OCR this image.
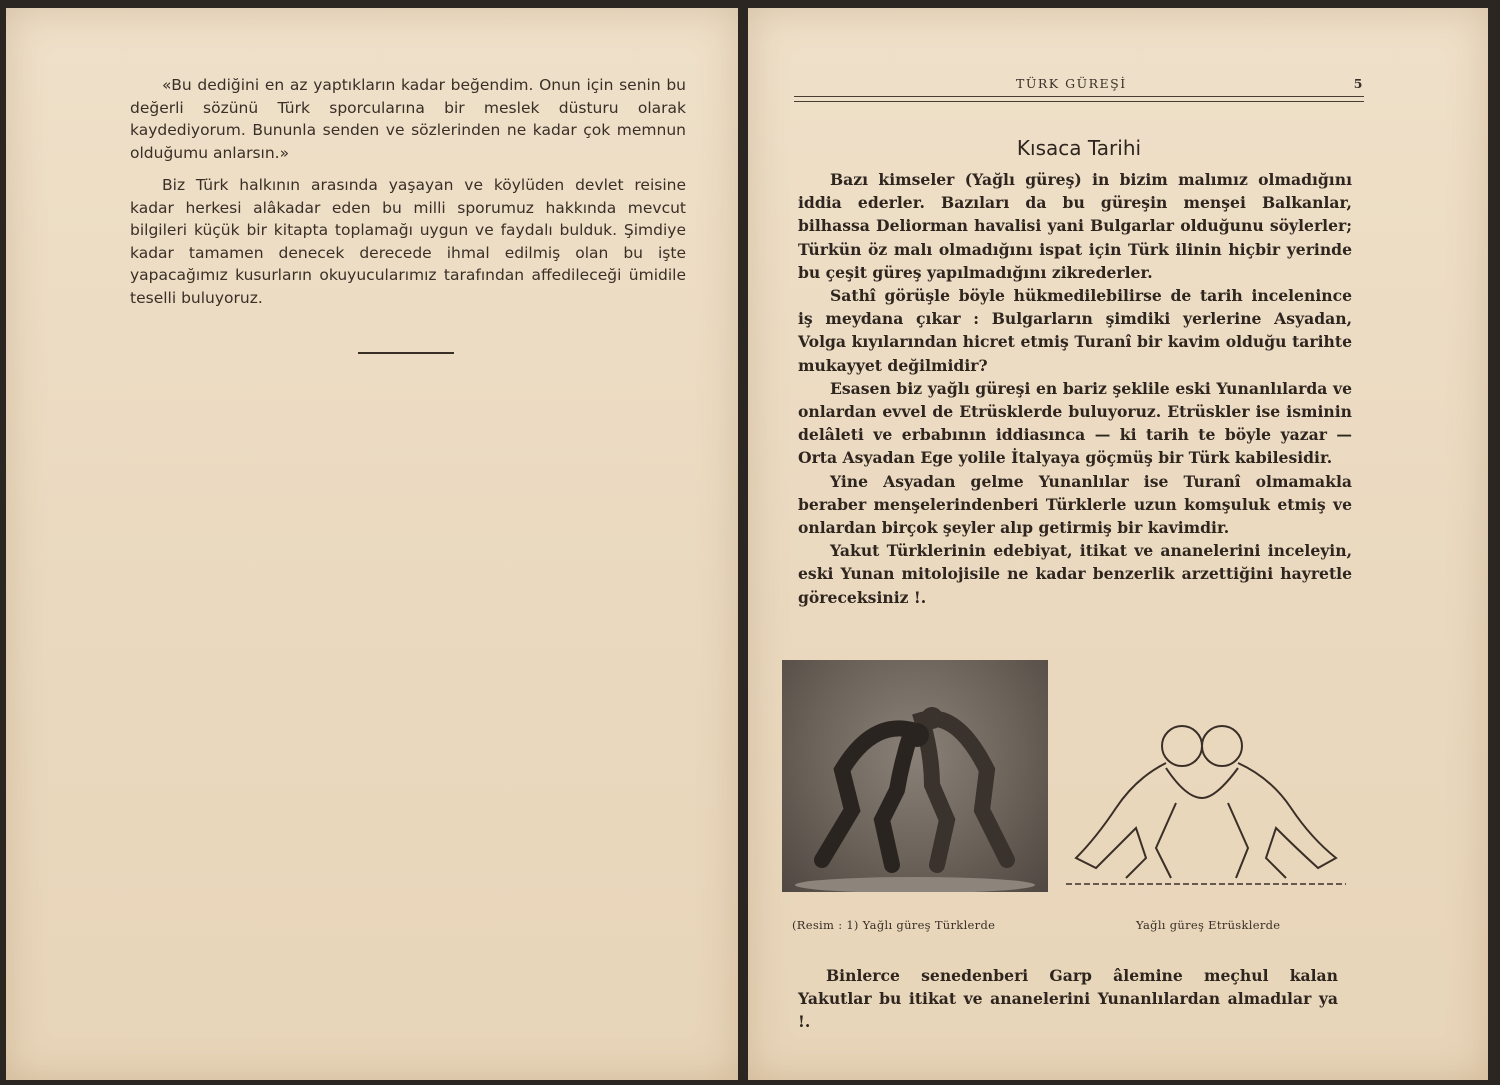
«Bu dediğini en az yaptıkların kadar beğendim. Onun için senin bu değerli sözünü Türk sporcularına bir meslek düsturu olarak kaydediyorum. Bununla senden ve sözlerinden ne kadar çok memnun olduğumu anlarsın.»

Biz Türk halkının arasında yaşayan ve köylüden devlet reisine kadar herkesi alâkadar eden bu milli sporumuz hakkında mevcut bilgileri küçük bir kitapta toplamağı uygun ve faydalı bulduk. Şimdiye kadar tamamen denecek derecede ihmal edilmiş olan bu işte yapacağımız kusurların okuyucularımız tarafından affedileceği ümidile teselli buluyoruz.

TÜRK GÜREŞİ	5
Kısaca Tarihi

Bazı kimseler (Yağlı güreş) in bizim malımız olmadığını iddia ederler. Bazıları da bu güreşin menşei Balkanlar, bilhassa Deliorman havalisi yani Bulgarlar olduğunu söylerler; Türkün öz malı olmadığını ispat için Türk ilinin hiçbir yerinde bu çeşit güreş yapılmadığını zikrederler.

Sathî görüşle böyle hükmedilebilirse de tarih incelenince iş meydana çıkar : Bulgarların şimdiki yerlerine Asyadan, Volga kıyılarından hicret etmiş Turanî bir kavim olduğu tarihte mukayyet değilmidir?

Esasen biz yağlı güreşi en bariz şeklile eski Yunanlılarda ve onlardan evvel de Etrüsklerde buluyoruz. Etrüskler ise isminin delâleti ve erbabının iddiasınca — ki tarih te böyle yazar — Orta Asyadan Ege yolile İtalyaya göçmüş bir Türk kabilesidir.

Yine Asyadan gelme Yunanlılar ise Turanî olmamakla beraber menşelerindenberi Türklerle uzun komşuluk etmiş ve onlardan birçok şeyler alıp getirmiş bir kavimdir.

Yakut Türklerinin edebiyat, itikat ve ananelerini inceleyin, eski Yunan mitolojisile ne kadar benzerlik arzettiğini hayretle göreceksiniz !.

(Resim : 1) Yağlı güreş Türklerde	Yağlı güreş Etrüsklerde

Binlerce senedenberi Garp âlemine meçhul kalan Yakutlar bu itikat ve ananelerini Yunanlılardan almadılar ya !.
